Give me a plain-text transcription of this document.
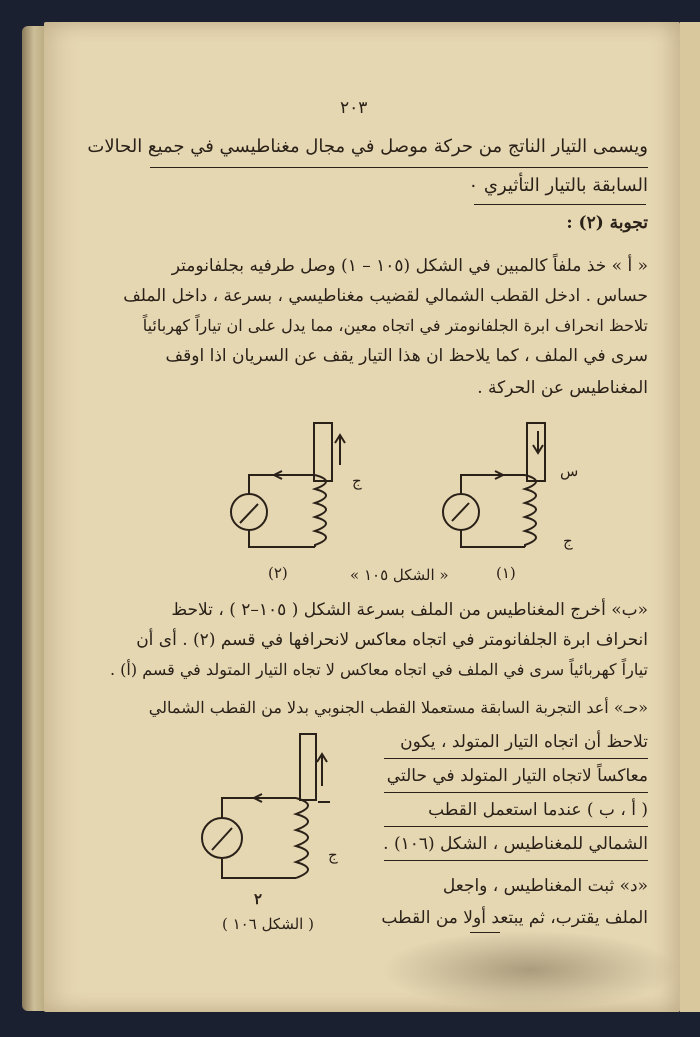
٢٠٣
ويسمى التيار الناتج من حركة موصل في مجال مغناطيسي في جميع الحالات
السابقة بالتيار التأثيري ٠
تجوبة (٢) :
« أ » خذ ملفاً كالمبين في الشكل (١٠٥ – ١) وصل طرفيه بجلفانومتر
حساس . ادخل القطب الشمالي لقضيب مغناطيسي ، بسرعة ، داخل الملف
تلاحظ انحراف ابرة الجلفانومتر في اتجاه معين، مما يدل على ان تياراً كهربائياً
سرى في الملف ، كما يلاحظ ان هذا التيار يقف عن السريان اذا اوقف
المغناطيس عن الحركة .
س
ج
ج
(٢)	« الشكل ١٠٥ »	(١)
«ب» أخرج المغناطيس من الملف بسرعة الشكل ( ١٠٥–٢ ) ، تلاحظ
انحراف ابرة الجلفانومتر في اتجاه معاكس لانحرافها في قسم (٢) . أى أن
تياراً كهربائياً سرى في الملف في اتجاه معاكس لا تجاه التيار المتولد في قسم (أ) .
«حـ» أعد التجربة السابقة مستعملا القطب الجنوبي بدلا من القطب الشمالي
تلاحظ أن اتجاه التيار المتولد ، يكون
معاكساً لاتجاه التيار المتولد في حالتي
( أ ، ب ) عندما استعمل القطب
الشمالي للمغناطيس ، الشكل (١٠٦) .
«د» ثبت المغناطيس ، واجعل
الملف يقترب، ثم يبتعد أولا من القطب
ج
٢
( الشكل ١٠٦ )
